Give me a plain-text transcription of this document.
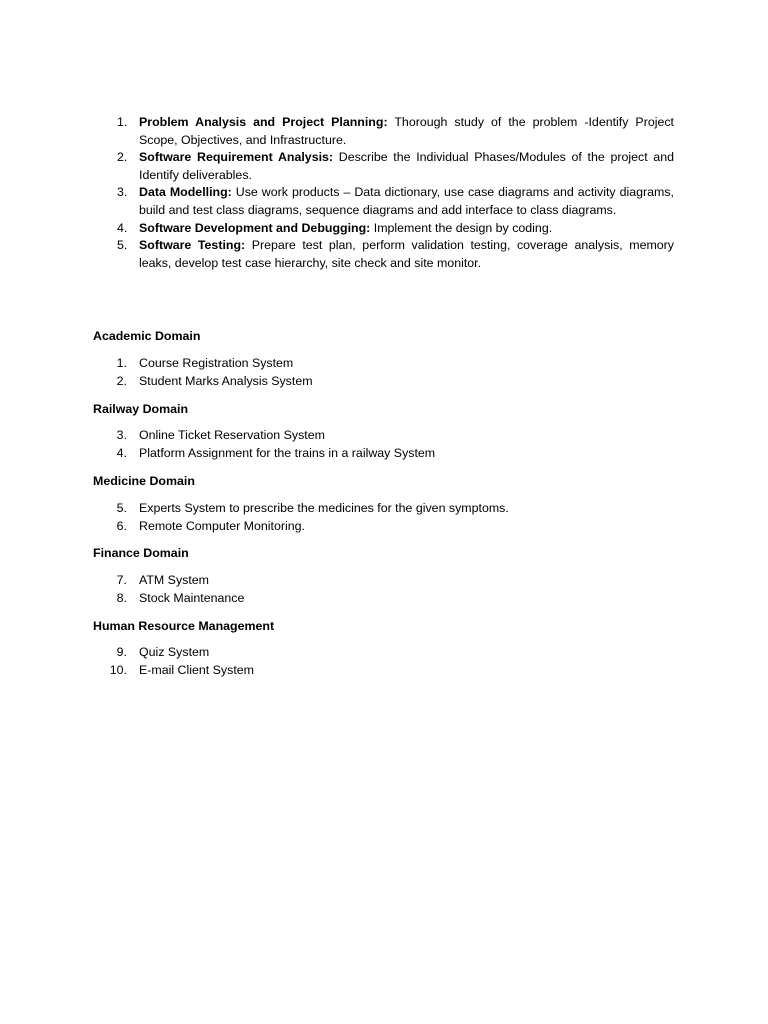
1. Problem Analysis and Project Planning: Thorough study of the problem -Identify Project Scope, Objectives, and Infrastructure.
2. Software Requirement Analysis: Describe the Individual Phases/Modules of the project and Identify deliverables.
3. Data Modelling: Use work products – Data dictionary, use case diagrams and activity diagrams, build and test class diagrams, sequence diagrams and add interface to class diagrams.
4. Software Development and Debugging: Implement the design by coding.
5. Software Testing: Prepare test plan, perform validation testing, coverage analysis, memory leaks, develop test case hierarchy, site check and site monitor.
Academic Domain
1. Course Registration System
2. Student Marks Analysis System
Railway Domain
3. Online Ticket Reservation System
4. Platform Assignment for the trains in a railway System
Medicine Domain
5. Experts System to prescribe the medicines for the given symptoms.
6. Remote Computer Monitoring.
Finance Domain
7. ATM System
8. Stock Maintenance
Human Resource Management
9. Quiz System
10. E-mail Client System
